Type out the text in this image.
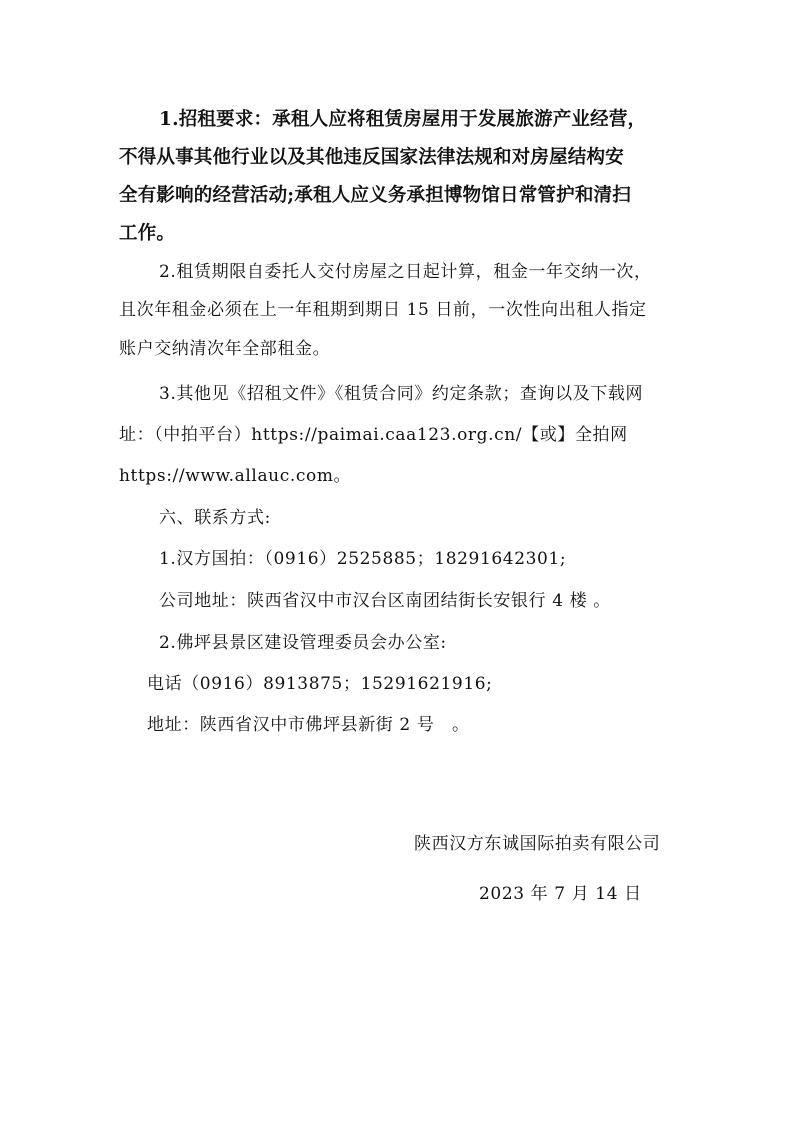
1.招租要求：承租人应将租赁房屋用于发展旅游产业经营，
不得从事其他行业以及其他违反国家法律法规和对房屋结构安
全有影响的经营活动;承租人应义务承担博物馆日常管护和清扫
工作。
2.租赁期限自委托人交付房屋之日起计算，租金一年交纳一次，
且次年租金必须在上一年租期到期日 15 日前，一次性向出租人指定
账户交纳清次年全部租金。
3.其他见《招租文件》《租赁合同》约定条款；查询以及下载网
址：（中拍平台）https://paimai.caa123.org.cn/【或】全拍网
https://www.allauc.com。
六、联系方式:
1.汉方国拍：（0916）2525885；18291642301;
公司地址：陕西省汉中市汉台区南团结街长安银行 4 楼 。
2.佛坪县景区建设管理委员会办公室:
电话（0916）8913875；15291621916;
地址：陕西省汉中市佛坪县新街 2 号　。
陕西汉方东诚国际拍卖有限公司
2023 年 7 月 14 日
